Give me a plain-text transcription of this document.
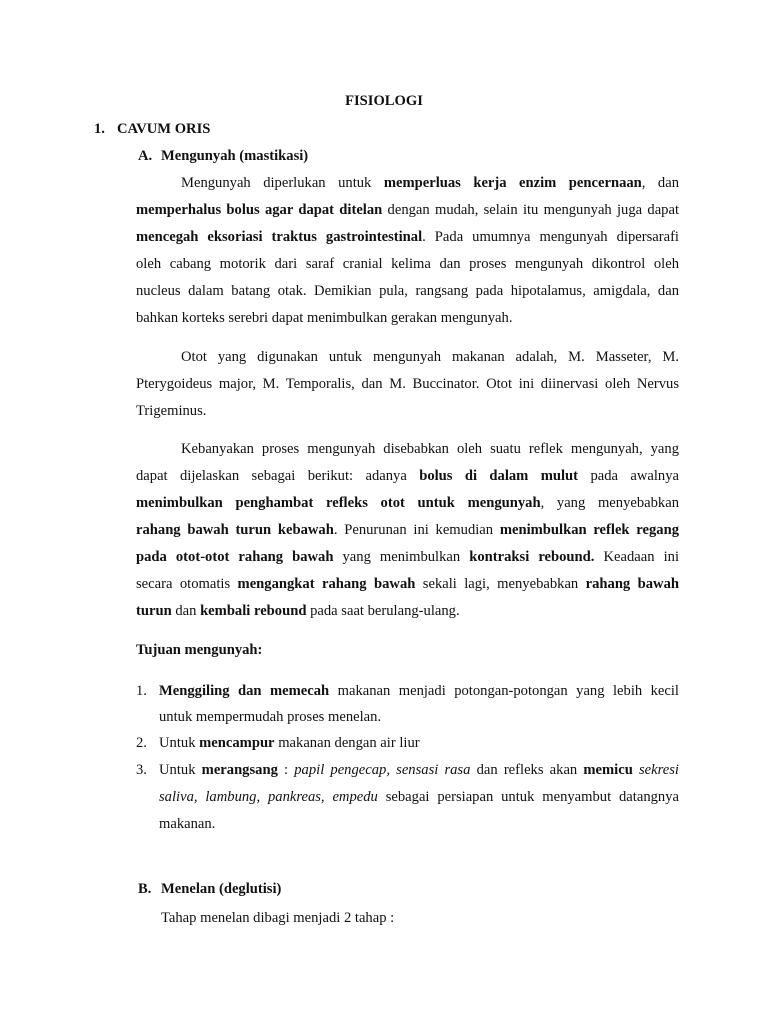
FISIOLOGI

1. CAVUM ORIS

A. Mengunyah (mastikasi)

Mengunyah diperlukan untuk memperluas kerja enzim pencernaan, dan

memperhalus bolus agar dapat ditelan dengan mudah, selain itu mengunyah juga dapat

mencegah eksoriasi traktus gastrointestinal. Pada umumnya mengunyah dipersarafi

oleh cabang motorik dari saraf cranial kelima dan proses mengunyah dikontrol oleh

nucleus dalam batang otak. Demikian pula, rangsang pada hipotalamus, amigdala, dan

bahkan korteks serebri dapat menimbulkan gerakan mengunyah.

Otot yang digunakan untuk mengunyah makanan adalah, M. Masseter, M.

Pterygoideus major, M. Temporalis, dan M. Buccinator. Otot ini diinervasi oleh Nervus

Trigeminus.

Kebanyakan proses mengunyah disebabkan oleh suatu reflek mengunyah, yang

dapat dijelaskan sebagai berikut: adanya bolus di dalam mulut pada awalnya

menimbulkan penghambat refleks otot untuk mengunyah, yang menyebabkan

rahang bawah turun kebawah. Penurunan ini kemudian menimbulkan reflek regang

pada otot-otot rahang bawah yang menimbulkan kontraksi rebound. Keadaan ini

secara otomatis mengangkat rahang bawah sekali lagi, menyebabkan rahang bawah

turun dan kembali rebound pada saat berulang-ulang.

Tujuan mengunyah:

1. Menggiling dan memecah makanan menjadi potongan-potongan yang lebih kecil

untuk mempermudah proses menelan.

2. Untuk mencampur makanan dengan air liur

3. Untuk merangsang : papil pengecap, sensasi rasa dan refleks akan memicu sekresi

saliva, lambung, pankreas, empedu sebagai persiapan untuk menyambut datangnya

makanan.

B. Menelan (deglutisi)

Tahap menelan dibagi menjadi 2 tahap :
